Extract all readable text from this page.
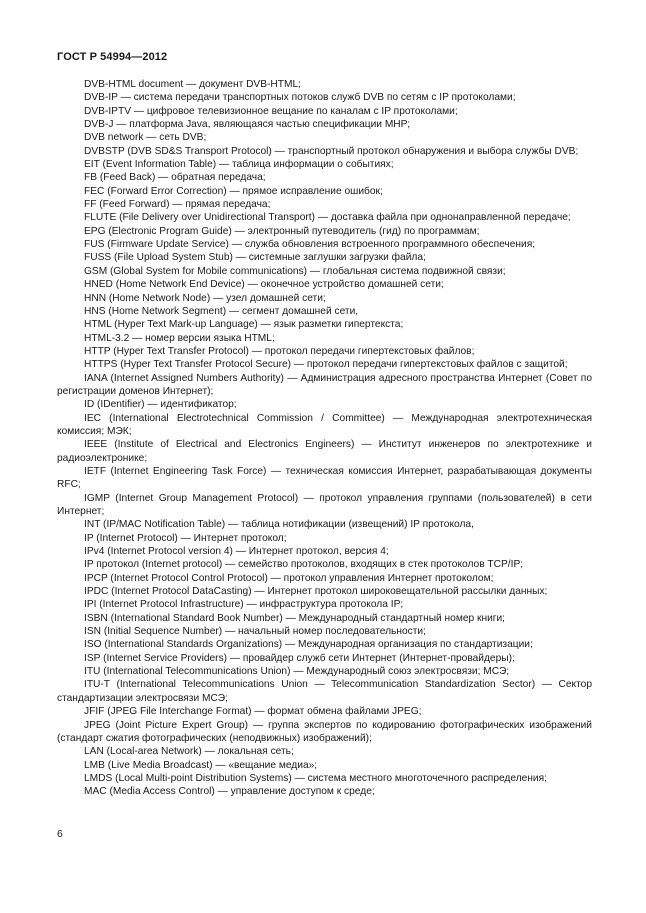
ГОСТ Р 54994—2012

DVB-HTML document — документ DVB-HTML;

DVB-IP — система передачи транспортных потоков служб DVB по сетям с IP протоколами;

DVB-IPTV — цифровое телевизионное вещание по каналам с IP протоколами;

DVB-J — платформа Java, являющаяся частью спецификации МНР;

DVB network — сеть DVB;

DVBSTP (DVB SD&S Transport Protocol) — транспортный протокол обнаружения и выбора службы DVB;

EIT (Event Information Table) — таблица информации о событиях;

FB (Feed Back) — обратная передача;

FEC (Forward Error Correction) — прямое исправление ошибок;

FF (Feed Forward) — прямая передача;

FLUTE (File Delivery over Unidirectional Transport) — доставка файла при однонаправленной передаче;

EPG (Electronic Program Guide) — электронный путеводитель (гид) по программам;

FUS (Firmware Update Service) — служба обновления встроенного программного обеспечения;

FUSS (File Upload System Stub) — системные заглушки загрузки файла;

GSM (Global System for Mobile communications) — глобальная система подвижной связи;

HNED (Home Network End Device) — оконечное устройство домашней сети;

HNN (Home Network Node) — узел домашней сети;

HNS (Home Network Segment) — сегмент домашней сети,

HTML (Hyper Text Mark-up Language) — язык разметки гипертекста;

HTML-3.2 — номер версии языка HTML;

HTTP (Hyper Text Transfer Protocol) — протокол передачи гипертекстовых файлов;

HTTPS (Hyper Text Transfer Protocol Secure) — протокол передачи гипертекстовых файлов с защитой;

IANA (Internet Assigned Numbers Authority) — Администрация адресного пространства Интернет (Совет по регистрации доменов Интернет);

ID (IDentifier) — идентификатор;

IEC (International Electrotechnical Commission / Committee) — Международная электротехническая комиссия; МЭК;

IEEE (Institute of Electrical and Electronics Engineers) — Институт инженеров по электротехнике и радиоэлектронике;

IETF (Internet Engineering Task Force) — техническая комиссия Интернет, разрабатывающая документы RFC;

IGMP (Internet Group Management Protocol) — протокол управления группами (пользователей) в сети Интернет;

INT (IP/MAC Notification Table) — таблица нотификации (извещений) IP протокола,

IP (Internet Protocol) — Интернет протокол;

IPv4 (Internet Protocol version 4) — Интернет протокол, версия 4;

IP протокол (Internet protocol) — семейство протоколов, входящих в стек протоколов TCP/IP;

IPCP (Internet Protocol Control Protocol) — протокол управления Интернет протоколом;

IPDC (Internet Protocol DataCasting) — Интернет протокол широковещательной рассылки данных;

IPI (Internet Protocol Infrastructure) — инфраструктура протокола IP;

ISBN (International Standard Book Number) — Международный стандартный номер книги;

ISN (Initial Sequence Number) — начальный номер последовательности;

ISO (International Standards Organizations) — Международная организация по стандартизации;

ISP (Internet Service Providers) — провайдер служб сети Интернет (Интернет-провайдеры);

ITU (International Telecommunications Union) — Международный союз электросвязи; МСЭ;

ITU-T (International Telecommunications Union — Telecommunication Standardization Sector) — Сектор стандартизации электросвязи МСЭ;

JFIF (JPEG File Interchange Format) — формат обмена файлами JPEG;

JPEG (Joint Picture Expert Group) — группа экспертов по кодированию фотографических изображений (стандарт сжатия фотографических (неподвижных) изображений);

LAN (Local-area Network) — локальная сеть;

LMB (Live Media Broadcast) — «вещание медиа»;

LMDS (Local Multi-point Distribution Systems) — система местного многоточечного распределения;

MAC (Media Access Control) — управление доступом к среде;

6
